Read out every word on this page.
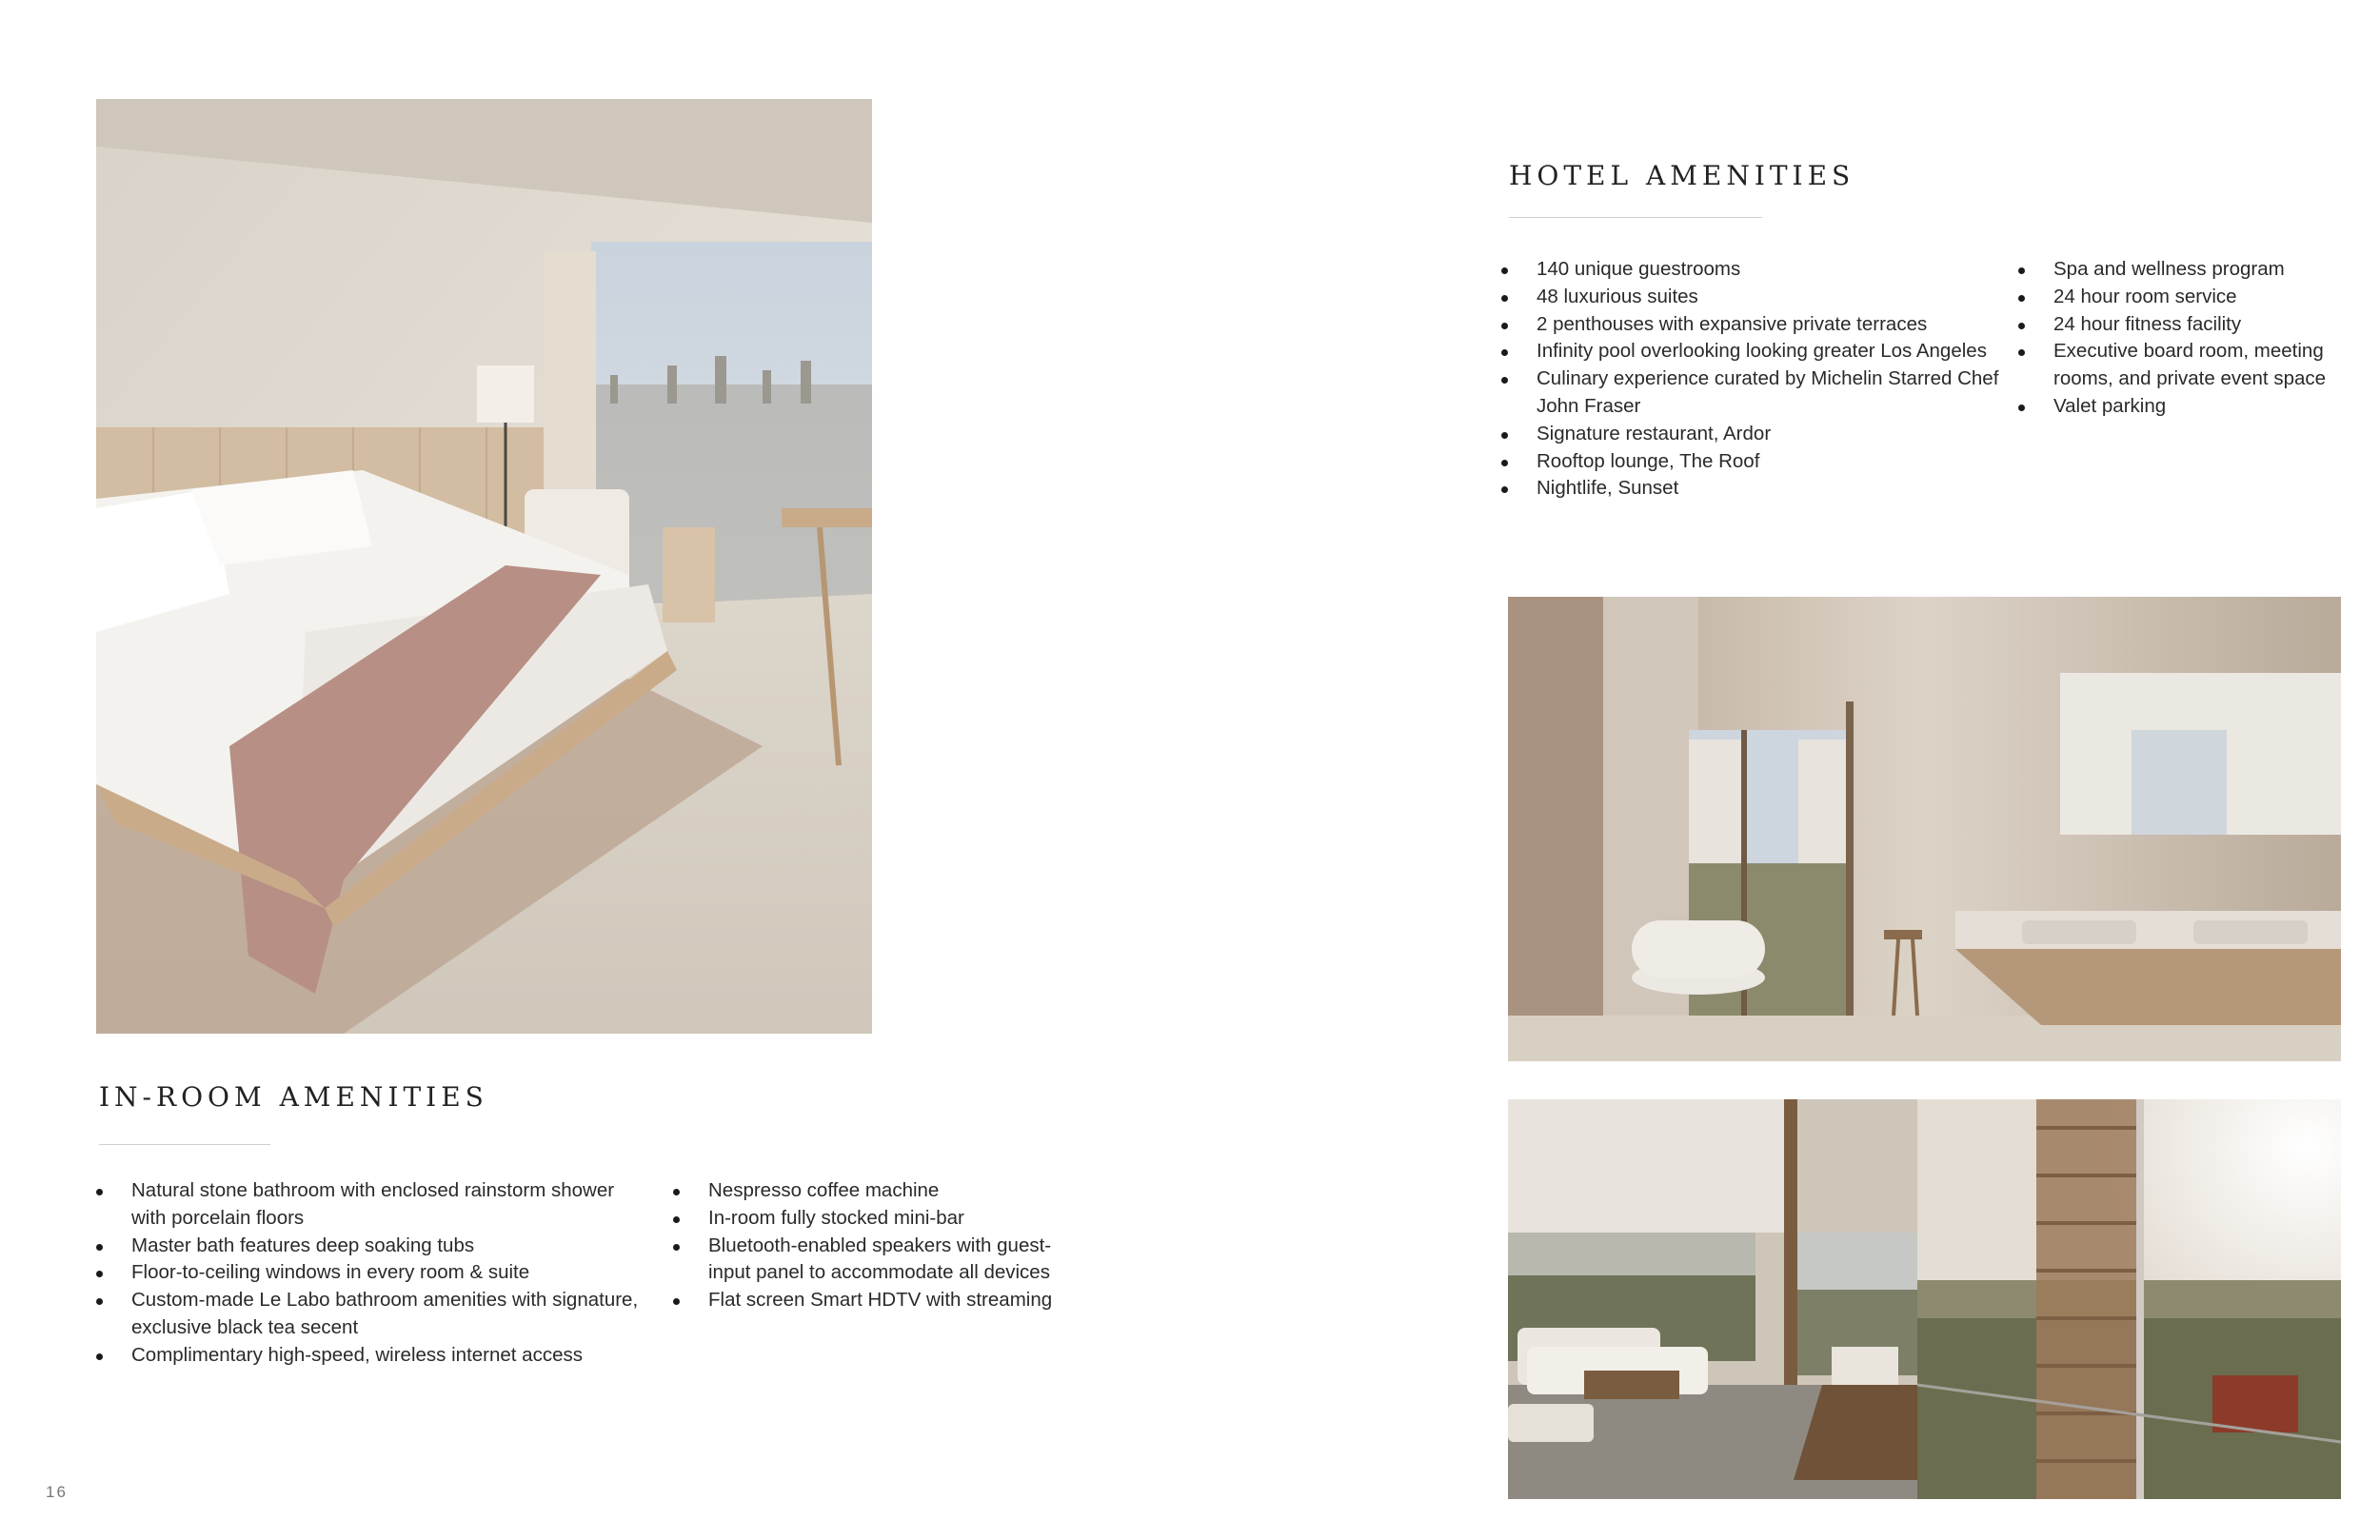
HOTEL AMENITIES
140 unique guestrooms
48 luxurious suites
2 penthouses with expansive private terraces
Infinity pool overlooking looking greater Los Angeles
Culinary experience curated by Michelin Starred Chef John Fraser
Signature restaurant, Ardor
Rooftop lounge, The Roof
Nightlife, Sunset
Spa and wellness program
24 hour room service
24 hour fitness facility
Executive board room, meeting rooms, and private event space
Valet parking
IN-ROOM AMENITIES
Natural stone bathroom with enclosed rainstorm shower with porcelain floors
Master bath features deep soaking tubs
Floor-to-ceiling windows in every room & suite
Custom-made Le Labo bathroom amenities with signature, exclusive black tea secent
Complimentary high-speed, wireless internet access
Nespresso coffee machine
In-room fully stocked mini-bar
Bluetooth-enabled speakers with guest-input panel to accommodate all devices
Flat screen Smart HDTV with streaming
16
